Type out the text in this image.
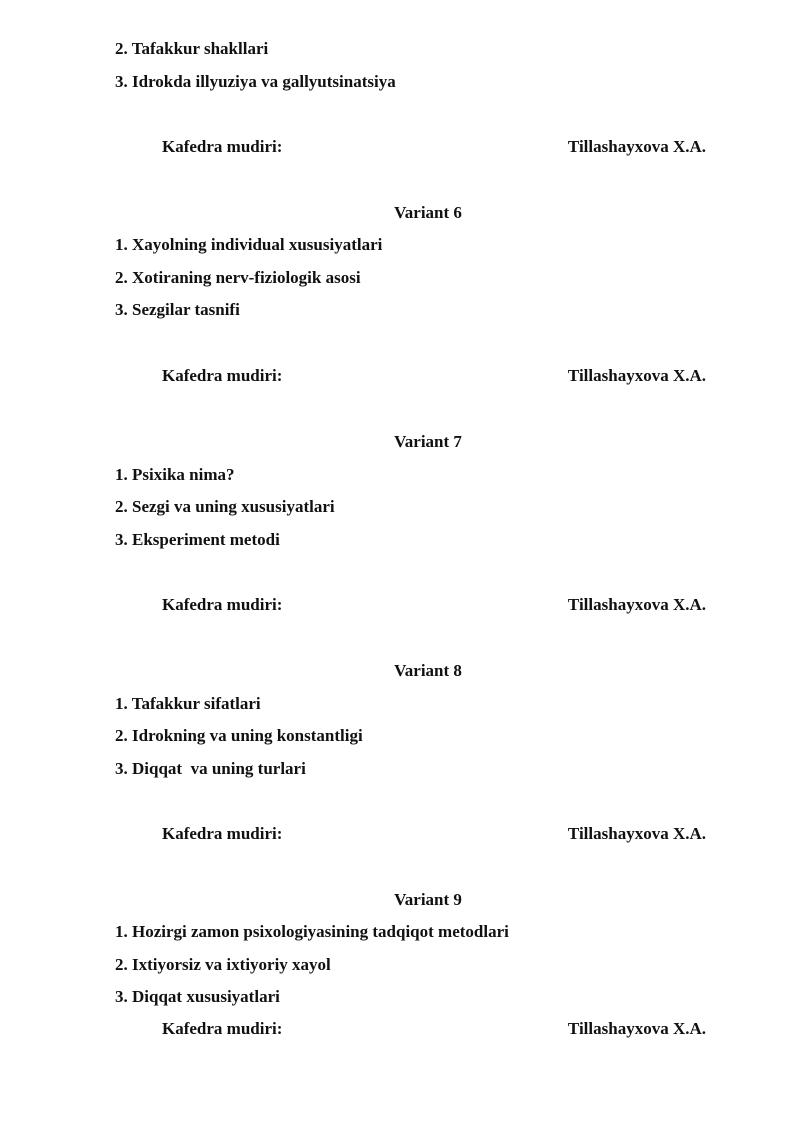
2. Tafakkur shakllari
3. Idrokda illyuziya va gallyutsinatsiya
Kafedra mudiri:	Tillashayxova X.A.
Variant 6
1. Xayolning individual xususiyatlari
2. Xotiraning nerv-fiziologik asosi
3. Sezgilar tasnifi
Kafedra mudiri:	Tillashayxova X.A.
Variant 7
1. Psixika nima?
2. Sezgi va uning xususiyatlari
3. Eksperiment metodi
Kafedra mudiri:	Tillashayxova X.A.
Variant 8
1. Tafakkur sifatlari
2. Idrokning va uning konstantligi
3. Diqqat  va uning turlari
Kafedra mudiri:	Tillashayxova X.A.
Variant 9
1. Hozirgi zamon psixologiyasining tadqiqot metodlari
2. Ixtiyorsiz va ixtiyoriy xayol
3. Diqqat xususiyatlari
Kafedra mudiri:	Tillashayxova X.A.
